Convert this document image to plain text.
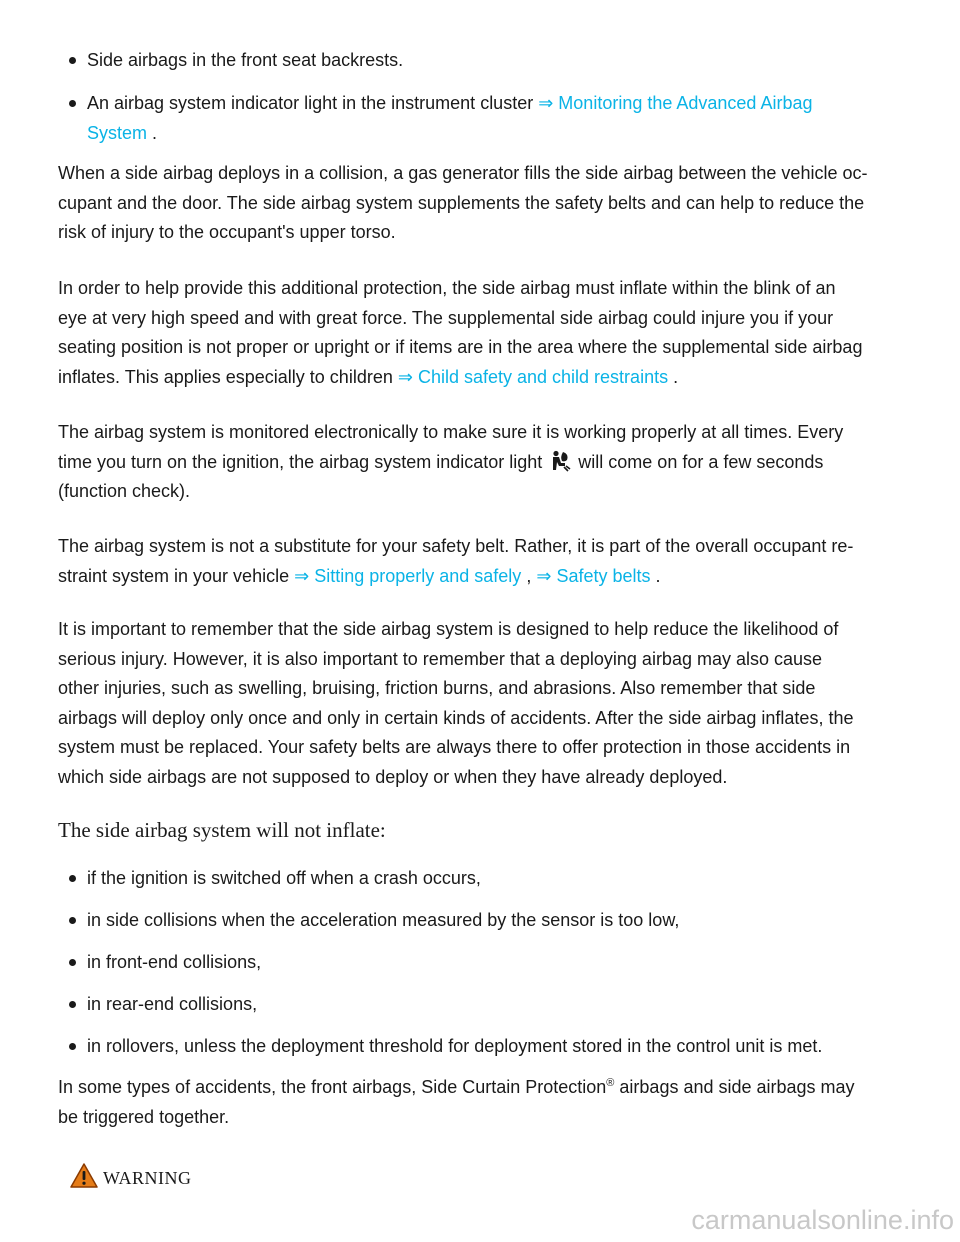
Side airbags in the front seat backrests.
An airbag system indicator light in the instrument cluster ⇒ Monitoring the Advanced Airbag
System .
When a side airbag deploys in a collision, a gas generator fills the side airbag between the vehicle oc-
cupant and the door. The side airbag system supplements the safety belts and can help to reduce the
risk of injury to the occupant's upper torso.
In order to help provide this additional protection, the side airbag must inflate within the blink of an
eye at very high speed and with great force. The supplemental side airbag could injure you if your
seating position is not proper or upright or if items are in the area where the supplemental side airbag
inflates. This applies especially to children ⇒ Child safety and child restraints .
The airbag system is monitored electronically to make sure it is working properly at all times. Every
time you turn on the ignition, the airbag system indicator light will come on for a few seconds
(function check).
The airbag system is not a substitute for your safety belt. Rather, it is part of the overall occupant re-
straint system in your vehicle ⇒ Sitting properly and safely , ⇒ Safety belts .
It is important to remember that the side airbag system is designed to help reduce the likelihood of
serious injury. However, it is also important to remember that a deploying airbag may also cause
other injuries, such as swelling, bruising, friction burns, and abrasions. Also remember that side
airbags will deploy only once and only in certain kinds of accidents. After the side airbag inflates, the
system must be replaced. Your safety belts are always there to offer protection in those accidents in
which side airbags are not supposed to deploy or when they have already deployed.
The side airbag system will not inflate:
if the ignition is switched off when a crash occurs,
in side collisions when the acceleration measured by the sensor is too low,
in front-end collisions,
in rear-end collisions,
in rollovers, unless the deployment threshold for deployment stored in the control unit is met.
In some types of accidents, the front airbags, Side Curtain Protection® airbags and side airbags may
be triggered together.
WARNING
carmanualsonline.info
